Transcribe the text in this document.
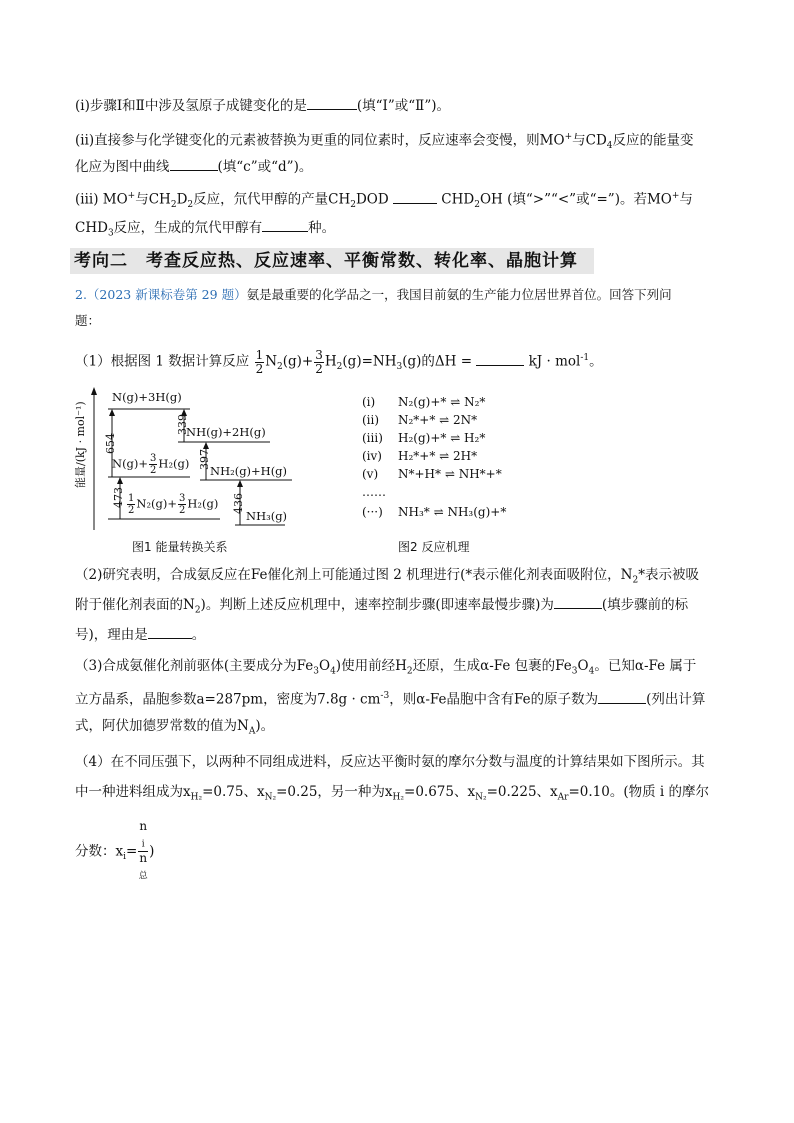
(ⅰ)步骤Ⅰ和Ⅱ中涉及氢原子成键变化的是	(填“Ⅰ”或“Ⅱ”)。
(ⅱ)直接参与化学键变化的元素被替换为更重的同位素时，反应速率会变慢，则MO+与$CD_4$反应的能量变
化应为图中曲线	(填“c”或“d”)。
(ⅲ) MO+与$CH_2D_2$反应，氘代甲醇的产量$CH_2DOD$	$CHD_2OH$ (填“>”“<”或“=”)。若MO+与
$CHD_3$反应，生成的氘代甲醇有	种。
考向二　考查反应热、反应速率、平衡常数、转化率、晶胞计算
2.（2023 新课标卷第 29 题）氨是最重要的化学品之一，我国目前氨的生产能力位居世界首位。回答下列问
题：
（1）根据图 1 数据计算反应 $\frac{1}{2} N_2(g)+ \frac{3}{2} H_2(g)=NH_3(g)$的ΔH =	kJ · mol$^{-1}$。
能量/(kJ · mol⁻¹) 654
473
339
397
436
N(g)+3H(g)
$N(g)+ \frac{3}{2} H_2(g)$
NH(g)+2H(g)
NH₂(g)+H(g)
$\frac{1}{2} N_2(g)+ \frac{3}{2} H_2(g)$
NH₃(g)
图1 能量转换关系
(i) N₂(g)+* ⇌ N₂*
(ii) N₂*+* ⇌ 2N*
(iii) H₂(g)+* ⇌ H₂*
(iv) H₂*+* ⇌ 2H*
(v) N*+H* ⇌ NH*+*
……
(···) NH₃* ⇌ NH₃(g)+*
图2 反应机理
（2)研究表明，合成氨反应在Fe催化剂上可能通过图 2 机理进行(*表示催化剂表面吸附位，$N_2*$表示被吸
附于催化剂表面的$N_2$)。判断上述反应机理中，速率控制步骤(即速率最慢步骤)为	(填步骤前的标
号)，理由是	。
（3)合成氨催化剂前驱体(主要成分为$Fe_3O_4$)使用前经$H_2$还原，生成α-Fe 包裹的$Fe_3O_4$。已知α-Fe 属于
立方晶系，晶胞参数a=287pm，密度为$7.8g \cdot cm^{-3}$，则α-Fe晶胞中含有Fe的原子数为	(列出计算
式，阿伏加德罗常数的值为$N_A$)。
（4）在不同压强下，以两种不同组成进料，反应达平衡时氨的摩尔分数与温度的计算结果如下图所示。其
中一种进料组成为$x_{H_2}=0.75$、$x_{N_2}=0.25$，另一种为$x_{H_2}=0.675$、$x_{N_2}=0.225$、$x_{Ar}=0.10$。(物质 i 的摩尔
分数：$x_i= n$
$_i$
n
$_总$ )
